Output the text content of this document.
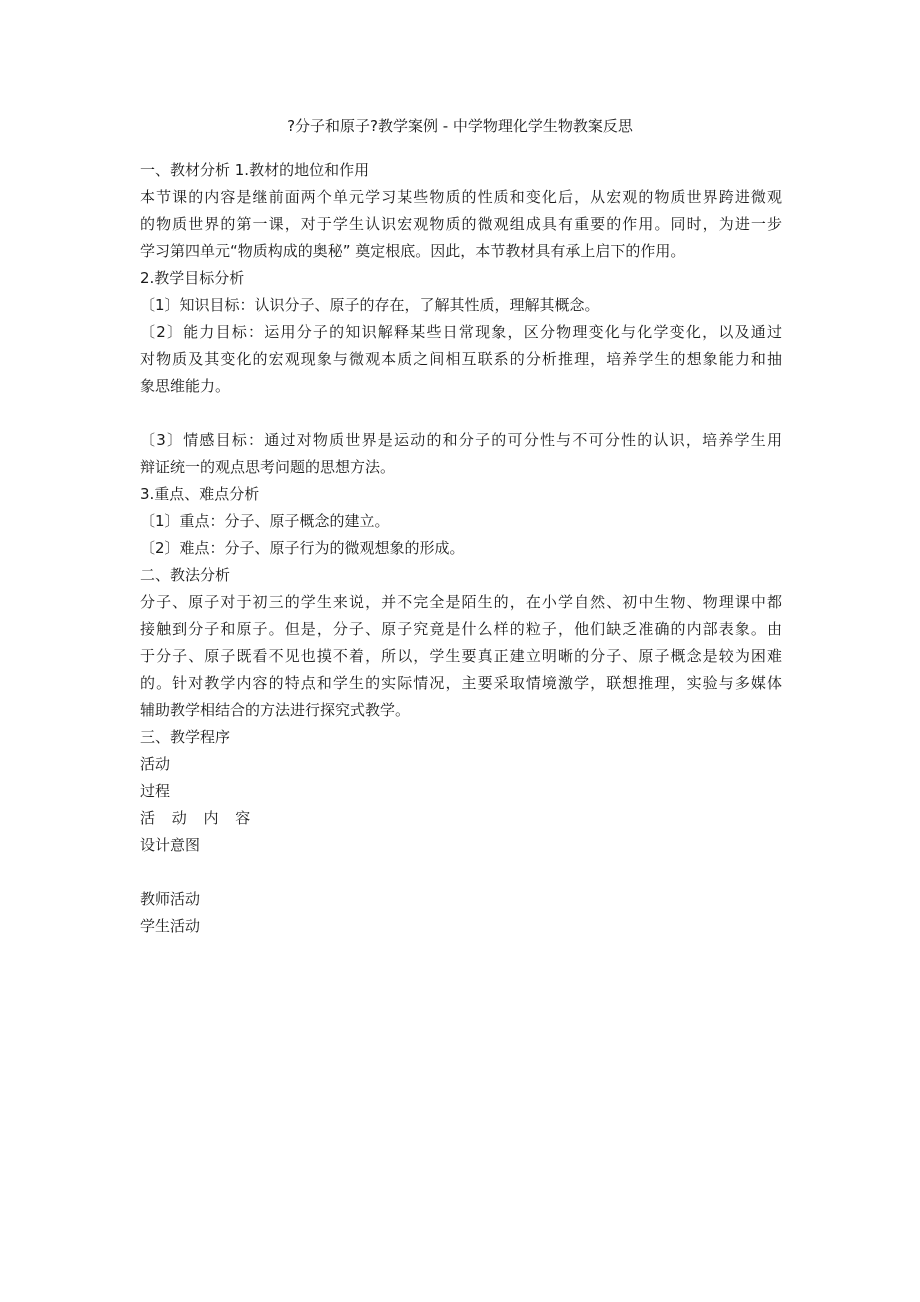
?分子和原子?教学案例 - 中学物理化学生物教案反思
一、教材分析 1.教材的地位和作用
本节课的内容是继前面两个单元学习某些物质的性质和变化后，从宏观的物质世界跨进微观
的物质世界的第一课，对于学生认识宏观物质的微观组成具有重要的作用。同时，为进一步
学习第四单元“物质构成的奥秘” 奠定根底。因此，本节教材具有承上启下的作用。
2.教学目标分析
〔1〕知识目标：认识分子、原子的存在，了解其性质，理解其概念。
〔2〕能力目标：运用分子的知识解释某些日常现象，区分物理变化与化学变化，以及通过
对物质及其变化的宏观现象与微观本质之间相互联系的分析推理，培养学生的想象能力和抽
象思维能力。
〔3〕情感目标：通过对物质世界是运动的和分子的可分性与不可分性的认识，培养学生用
辩证统一的观点思考问题的思想方法。
3.重点、难点分析
〔1〕重点：分子、原子概念的建立。
〔2〕难点：分子、原子行为的微观想象的形成。
二、教法分析
分子、原子对于初三的学生来说，并不完全是陌生的，在小学自然、初中生物、物理课中都
接触到分子和原子。但是，分子、原子究竟是什么样的粒子，他们缺乏准确的内部表象。由
于分子、原子既看不见也摸不着，所以，学生要真正建立明晰的分子、原子概念是较为困难
的。针对教学内容的特点和学生的实际情况，主要采取情境激学，联想推理，实验与多媒体
辅助教学相结合的方法进行探究式教学。
三、教学程序
活动
过程
活 动 内 容
设计意图
教师活动
学生活动
